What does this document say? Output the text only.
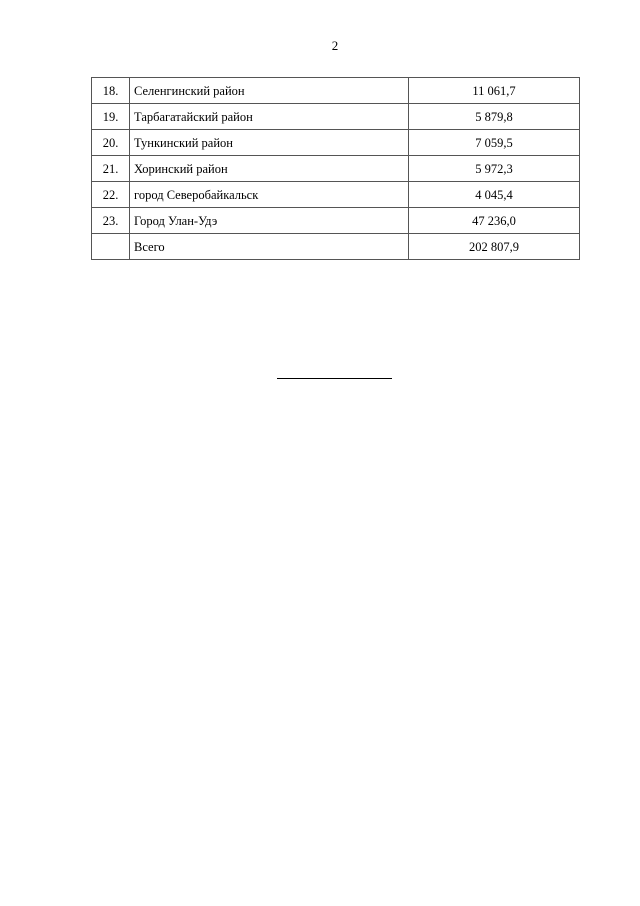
2
18.	Селенгинский район	11 061,7
19.	Тарбагатайский район	5 879,8
20.	Тункинский район	7 059,5
21.	Хоринский район	5 972,3
22.	город Северобайкальск	4 045,4
23.	Город Улан-Удэ	47 236,0
	Всего	202 807,9
